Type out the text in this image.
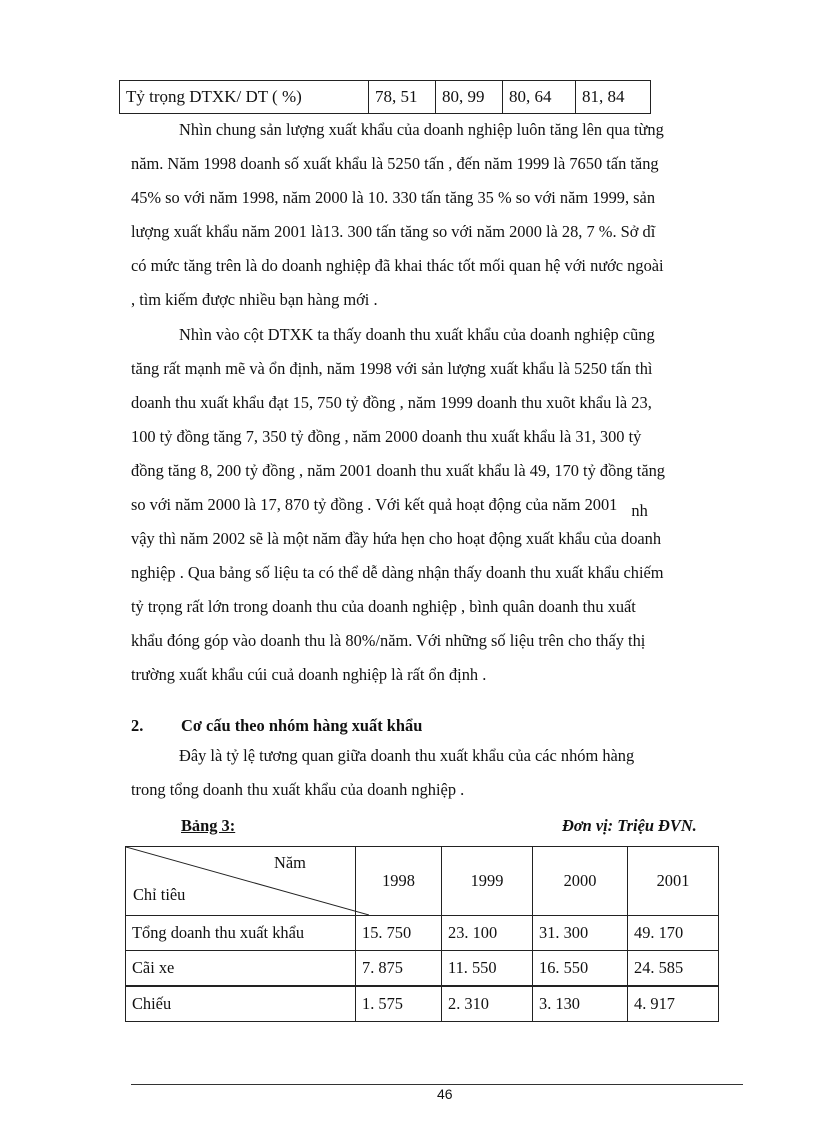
Tỷ trọng DTXK/ DT ( %)	78, 51	80, 99	80, 64	81, 84
Nhìn chung sản lượng xuất khẩu của doanh nghiệp luôn tăng lên qua từng
năm. Năm 1998 doanh số xuất khẩu là 5250 tấn , đến năm 1999 là 7650 tấn tăng
45% so với năm 1998, năm 2000 là 10. 330 tấn tăng 35 % so với năm 1999, sản
lượng xuất khẩu năm 2001 là13. 300 tấn tăng so với năm 2000 là 28, 7 %. Sở dĩ
có mức tăng trên là do doanh nghiệp đã khai thác tốt mối quan hệ với nước ngoài
, tìm kiếm được nhiều bạn hàng mới .
Nhìn vào cột DTXK ta thấy doanh thu xuất khẩu của doanh nghiệp cũng
tăng rất mạnh mẽ và ổn định, năm 1998 với sản lượng xuất khẩu là 5250 tấn thì
doanh thu xuất khẩu đạt 15, 750 tỷ đồng , năm 1999 doanh thu xuõt khẩu là 23,
100 tỷ đồng tăng 7, 350 tỷ đồng , năm 2000 doanh thu xuất khẩu là 31, 300 tỷ
đồng tăng 8, 200 tỷ đồng , năm 2001 doanh thu xuất khẩu là 49, 170 tỷ đồng tăng
so với năm 2000 là 17, 870 tỷ đồng . Với kết quả hoạt động của năm 2001 nh
vậy thì năm 2002 sẽ là một năm đầy hứa hẹn cho hoạt động xuất khẩu của doanh
nghiệp . Qua bảng số liệu ta có thể dễ dàng nhận thấy doanh thu xuất khẩu chiếm
tỷ trọng rất lớn trong doanh thu của doanh nghiệp , bình quân doanh thu xuất
khẩu đóng góp vào doanh thu là 80%/năm. Với những số liệu trên cho thấy thị
trường xuất khẩu cúi cuả doanh nghiệp là rất ổn định .
2. Cơ cấu theo nhóm hàng xuất khẩu
Đây là tỷ lệ tương quan giữa doanh thu xuất khẩu của các nhóm hàng
trong tổng doanh thu xuất khẩu của doanh nghiệp .
Bảng 3:	Đơn vị: Triệu ĐVN.
Năm
Chỉ tiêu	1998	1999	2000	2001
Tổng doanh thu xuất khẩu	15. 750	23. 100	31. 300	49. 170
Cãi xe	7. 875	11. 550	16. 550	24. 585
Chiếu	1. 575	2. 310	3. 130	4. 917
46
